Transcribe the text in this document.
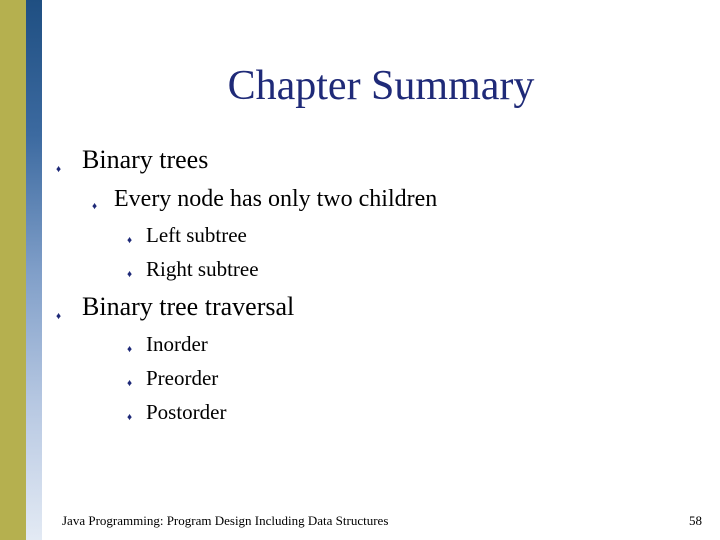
Chapter Summary
♦ Binary trees
♦ Every node has only two children
♦ Left subtree
♦ Right subtree
♦ Binary tree traversal
♦ Inorder
♦ Preorder
♦ Postorder
Java Programming: Program Design Including Data Structures	58
